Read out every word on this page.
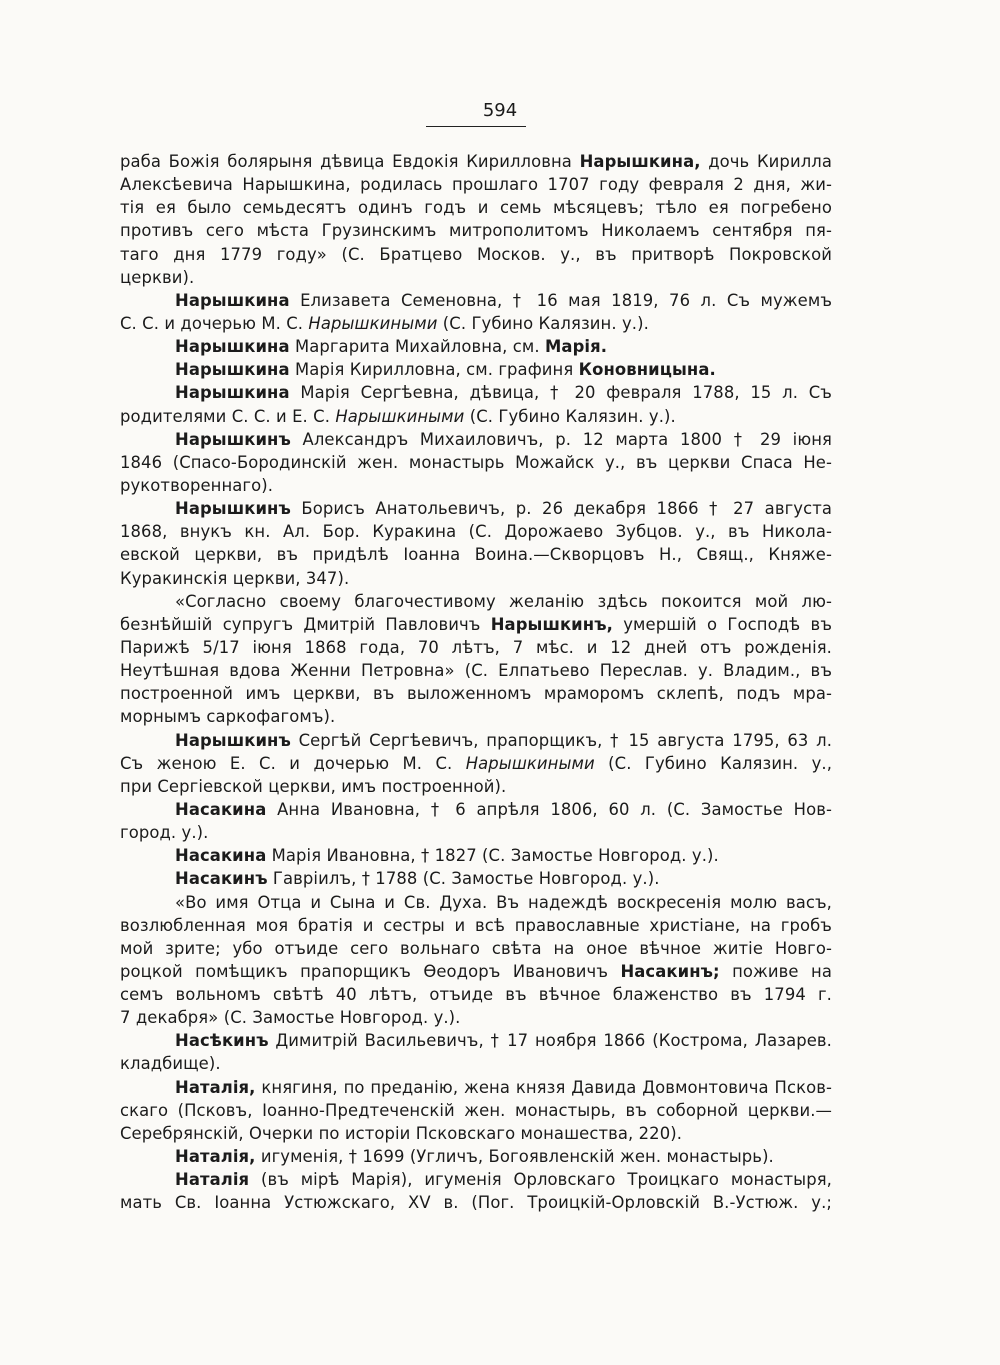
594
раба Божія болярыня дѣвица Евдокія Кирилловна Нарышкина, дочь Кирилла
Алексѣевича Нарышкина, родилась прошлаго 1707 году февраля 2 дня, жи-
тія ея было семьдесятъ одинъ годъ и семь мѣсяцевъ; тѣло ея погребено
противъ сего мѣста Грузинскимъ митрополитомъ Николаемъ сентября пя-
таго дня 1779 году» (С. Братцево Москов. у., въ притворѣ Покровской
церкви).
Нарышкина Елизавета Семеновна, † 16 мая 1819, 76 л. Съ мужемъ
С. С. и дочерью М. С. Нарышкиными (С. Губино Калязин. у.).
Нарышкина Маргарита Михайловна, см. Марія.
Нарышкина Марія Кирилловна, см. графиня Коновницына.
Нарышкина Марія Сергѣевна, дѣвица, † 20 февраля 1788, 15 л. Съ
родителями С. С. и Е. С. Нарышкиными (С. Губино Калязин. у.).
Нарышкинъ Александръ Михаиловичъ, р. 12 марта 1800 † 29 іюня
1846 (Спасо-Бородинскій жен. монастырь Можайск у., въ церкви Спаса Не-
рукотвореннаго).
Нарышкинъ Борисъ Анатольевичъ, р. 26 декабря 1866 † 27 августа
1868, внукъ кн. Ал. Бор. Куракина (С. Дорожаево Зубцов. у., въ Никола-
евской церкви, въ придѣлѣ Іоанна Воина.—Скворцовъ Н., Свящ., Княже-
Куракинскія церкви, 347).
«Согласно своему благочестивому желанію здѣсь покоится мой лю-
безнѣйшій супругъ Дмитрій Павловичъ Нарышкинъ, умершій о Господѣ въ
Парижѣ 5/17 іюня 1868 года, 70 лѣтъ, 7 мѣс. и 12 дней отъ рожденія.
Неутѣшная вдова Женни Петровна» (С. Елпатьево Переслав. у. Владим., въ
построенной имъ церкви, въ выложенномъ мраморомъ склепѣ, подъ мра-
морнымъ саркофагомъ).
Нарышкинъ Сергѣй Сергѣевичъ, прапорщикъ, † 15 августа 1795, 63 л.
Съ женою Е. С. и дочерью М. С. Нарышкиными (С. Губино Калязин. у.,
при Сергіевской церкви, имъ построенной).
Насакина Анна Ивановна, † 6 апрѣля 1806, 60 л. (С. Замостье Нов-
город. у.).
Насакина Марія Ивановна, † 1827 (С. Замостье Новгород. у.).
Насакинъ Гавріилъ, † 1788 (С. Замостье Новгород. у.).
«Во имя Отца и Сына и Св. Духа. Въ надеждѣ воскресенія молю васъ,
возлюбленная моя братія и сестры и всѣ православные христіане, на гробъ
мой зрите; убо отъиде сего вольнаго свѣта на оное вѣчное житіе Новго-
роцкой помѣщикъ прапорщикъ Ѳеодоръ Ивановичъ Насакинъ; поживе на
семъ вольномъ свѣтѣ 40 лѣтъ, отъиде въ вѣчное блаженство въ 1794 г.
7 декабря» (С. Замостье Новгород. у.).
Насѣкинъ Димитрій Васильевичъ, † 17 ноября 1866 (Кострома, Лазарев.
кладбище).
Наталія, княгиня, по преданію, жена князя Давида Довмонтовича Псков-
скаго (Псковъ, Іоанно-Предтеченскій жен. монастырь, въ соборной церкви.—
Серебрянскій, Очерки по исторіи Псковскаго монашества, 220).
Наталія, игуменія, † 1699 (Угличъ, Богоявленскій жен. монастырь).
Наталія (въ мірѣ Марія), игуменія Орловскаго Троицкаго монастыря,
мать Св. Іоанна Устюжскаго, XV в. (Пог. Троицкій-Орловскій В.-Устюж. у.;
